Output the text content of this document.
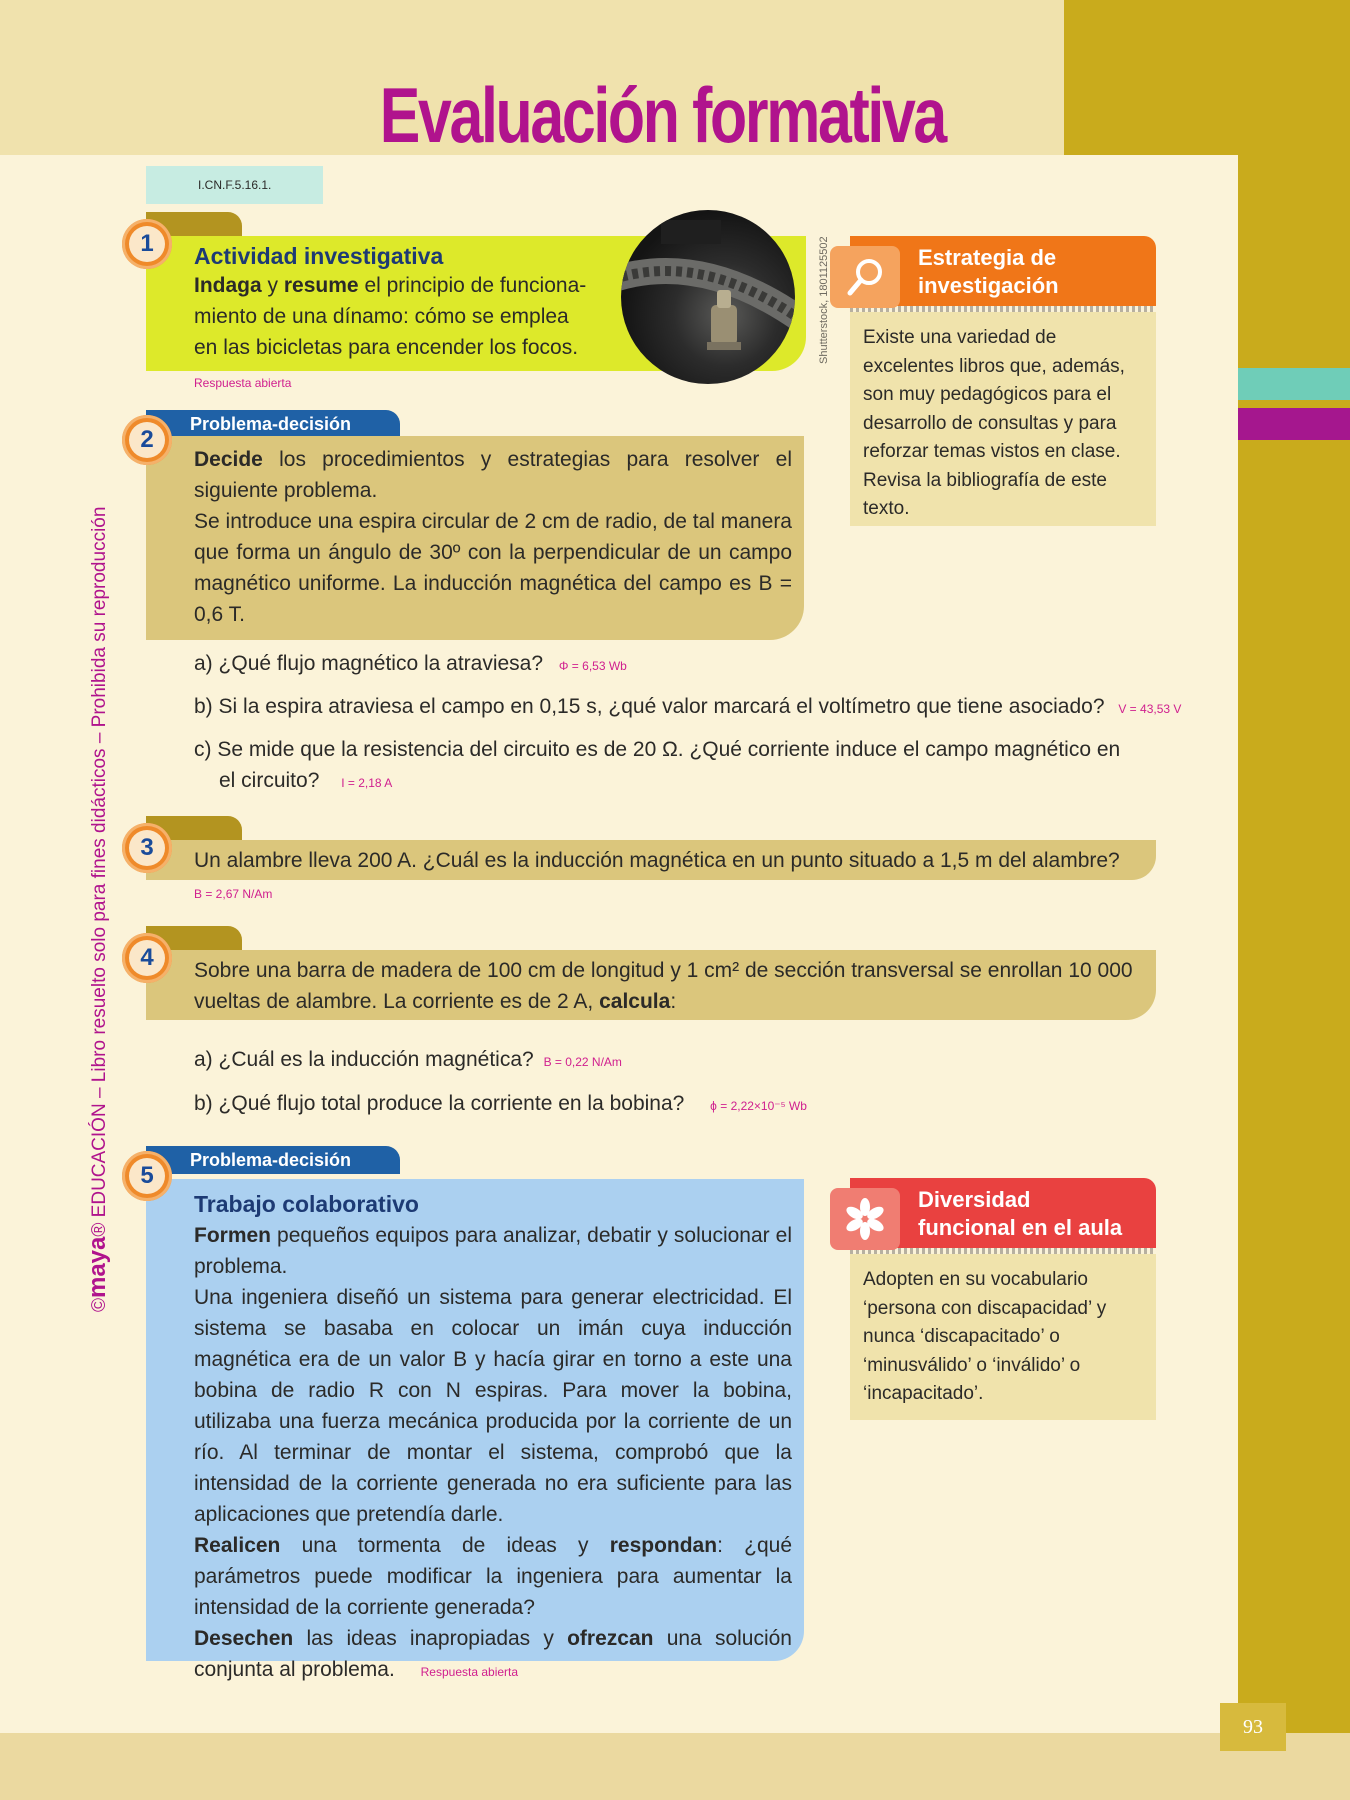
93
Evaluación formativa
I.CN.F.5.16.1.
©maya® EDUCACIÓN – Libro resuelto solo para fines didácticos – Prohibida su reproducción
1	Actividad investigativa
Indaga y resume el principio de funciona-
miento de una dínamo: cómo se emplea
en las bicicletas para encender los focos.
Respuesta abierta
Shutterstock, 1801125502	Estrategia de
investigación
Existe una variedad de excelentes libros que, además, son muy pedagógicos para el desarrollo de consultas y para reforzar temas vistos en clase. Revisa la bibliografía de este texto.
Problema-decisión
2
Decide los procedimientos y estrategias para resolver el siguiente problema.
Se introduce una espira circular de 2 cm de radio, de tal manera que forma un ángulo de 30º con la perpendicular de un campo magnético uniforme. La inducción magnética del campo es B = 0,6 T.
a) ¿Qué flujo magnético la atraviesa? Φ = 6,53 Wb
b) Si la espira atraviesa el campo en 0,15 s, ¿qué valor marcará el voltímetro que tiene asociado? V = 43,53 V
c) Se mide que la resistencia del circuito es de 20 Ω. ¿Qué corriente induce el campo magnético en
el circuito? I = 2,18 A
3	Un alambre lleva 200 A. ¿Cuál es la inducción magnética en un punto situado a 1,5 m del alambre?
B = 2,67 N/Am
4	Sobre una barra de madera de 100 cm de longitud y 1 cm² de sección transversal se enrollan 10 000
vueltas de alambre. La corriente es de 2 A, calcula:
a) ¿Cuál es la inducción magnética? B = 0,22 N/Am
b) ¿Qué flujo total produce la corriente en la bobina? ϕ = 2,22×10⁻⁵ Wb
Problema-decisión
5
Trabajo colaborativo
Formen pequeños equipos para analizar, debatir y solucionar el problema.
Una ingeniera diseñó un sistema para generar electricidad. El sistema se basaba en colocar un imán cuya inducción magnética era de un valor B y hacía girar en torno a este una bobina de radio R con N espiras. Para mover la bobina, utilizaba una fuerza mecánica producida por la corriente de un río. Al terminar de montar el sistema, comprobó que la intensidad de la corriente generada no era suficiente para las aplicaciones que pretendía darle.
Realicen una tormenta de ideas y respondan: ¿qué parámetros puede modificar la ingeniera para aumentar la intensidad de la corriente generada?
Desechen las ideas inapropiadas y ofrezcan una solución conjunta al problema. Respuesta abierta
Diversidad
funcional en el aula
Adopten en su vocabulario ‘persona con discapacidad’ y nunca ‘discapacitado’ o ‘minusválido’ o ‘inválido’ o ‘incapacitado’.
